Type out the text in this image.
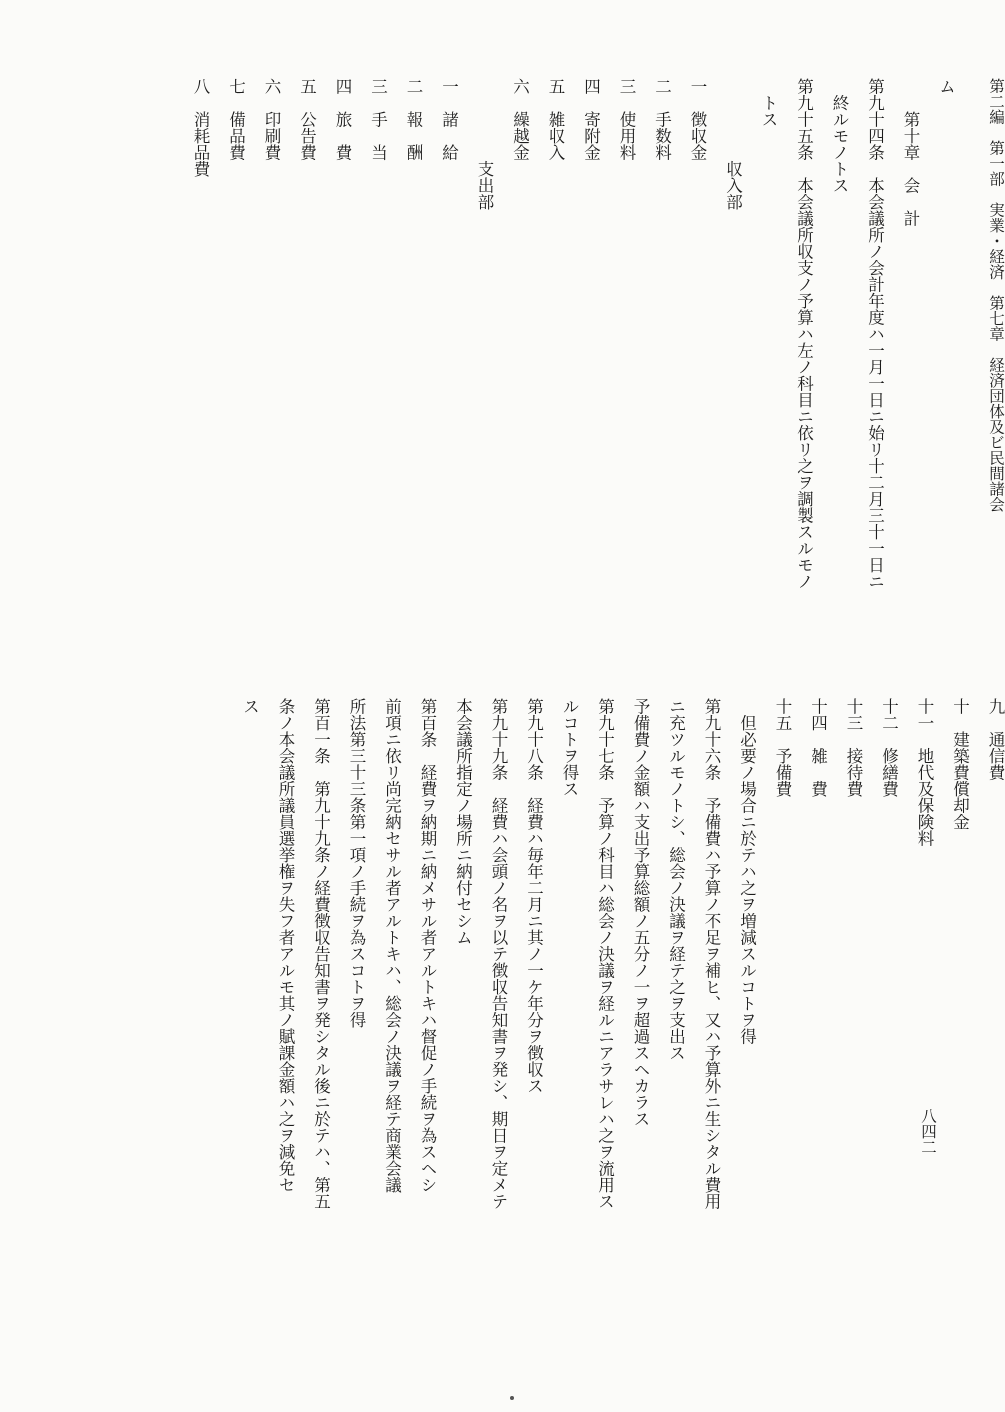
第二編　第一部　実業・経済　第七章　経済団体及ビ民間諸会
ム
　　第十章　会　計
第九十四条　本会議所ノ会計年度ハ一月一日ニ始リ十二月三十一日ニ
　終ルモノトス
第九十五条　本会議所収支ノ予算ハ左ノ科目ニ依リ之ヲ調製スルモノ
　トス
　　　　　収入部
一　徴収金
二　手数料
三　使用料
四　寄附金
五　雑収入
六　繰越金
　　　　　支出部
一　諸　給
二　報　酬
三　手　当
四　旅　費
五　公告費
六　印刷費
七　備品費
八　消耗品費
八四二
九　通信費
十　建築費償却金
十一　地代及保険料
十二　修繕費
十三　接待費
十四　雑　費
十五　予備費
　但必要ノ場合ニ於テハ之ヲ増減スルコトヲ得
第九十六条　予備費ハ予算ノ不足ヲ補ヒ、又ハ予算外ニ生シタル費用
ニ充ツルモノトシ、総会ノ決議ヲ経テ之ヲ支出ス
予備費ノ金額ハ支出予算総額ノ五分ノ一ヲ超過スヘカラス
第九十七条　予算ノ科目ハ総会ノ決議ヲ経ルニアラサレハ之ヲ流用ス
ルコトヲ得ス
第九十八条　経費ハ毎年二月ニ其ノ一ケ年分ヲ徴収ス
第九十九条　経費ハ会頭ノ名ヲ以テ徴収告知書ヲ発シ、期日ヲ定メテ
本会議所指定ノ場所ニ納付セシム
第百条　経費ヲ納期ニ納メサル者アルトキハ督促ノ手続ヲ為スヘシ
前項ニ依リ尚完納セサル者アルトキハ、総会ノ決議ヲ経テ商業会議
所法第三十三条第一項ノ手続ヲ為スコトヲ得
第百一条　第九十九条ノ経費徴収告知書ヲ発シタル後ニ於テハ、第五
条ノ本会議所議員選挙権ヲ失フ者アルモ其ノ賦課金額ハ之ヲ減免セ
ス
